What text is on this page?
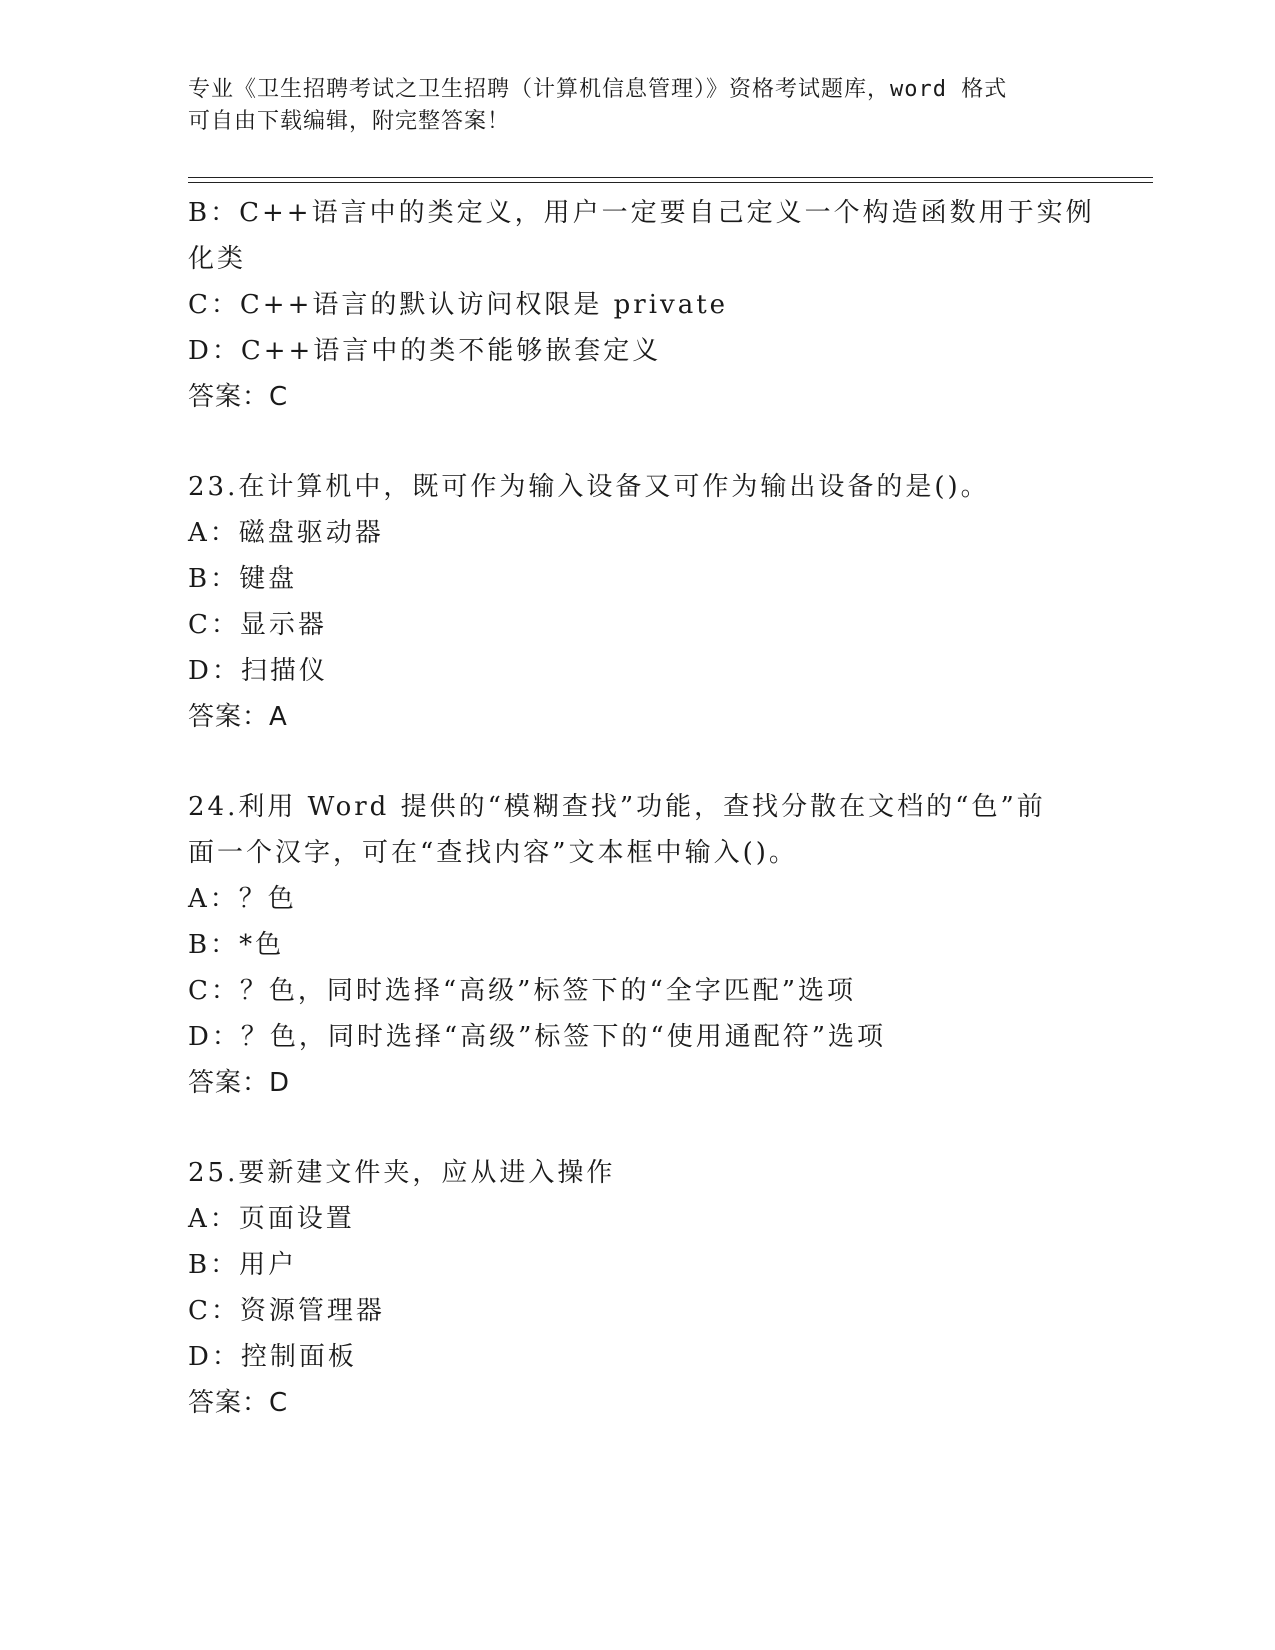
专业《卫生招聘考试之卫生招聘（计算机信息管理）》资格考试题库，word 格式
可自由下载编辑，附完整答案！
B：C++语言中的类定义，用户一定要自己定义一个构造函数用于实例
化类
C：C++语言的默认访问权限是 private
D：C++语言中的类不能够嵌套定义
答案：C
23.在计算机中，既可作为输入设备又可作为输出设备的是()。
A：磁盘驱动器
B：键盘
C：显示器
D：扫描仪
答案：A
24.利用 Word 提供的“模糊查找”功能，查找分散在文档的“色”前
面一个汉字，可在“查找内容”文本框中输入()。
A：？色
B：*色
C：？色，同时选择“高级”标签下的“全字匹配”选项
D：？色，同时选择“高级”标签下的“使用通配符”选项
答案：D
25.要新建文件夹，应从进入操作
A：页面设置
B：用户
C：资源管理器
D：控制面板
答案：C
